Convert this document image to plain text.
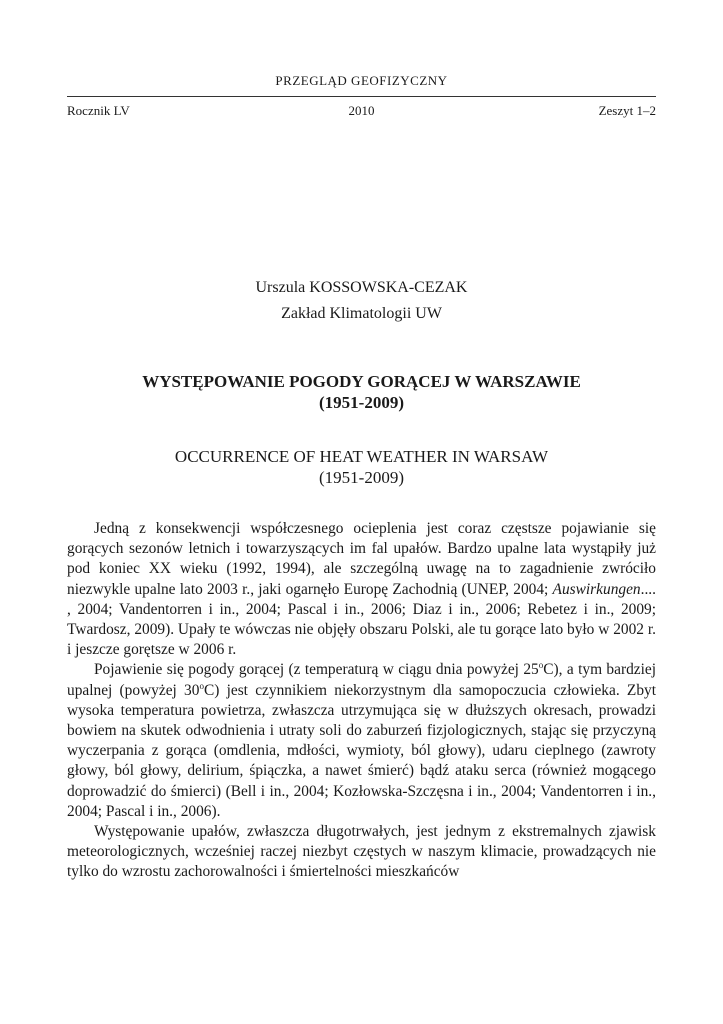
PRZEGLĄD GEOFIZYCZNY
Rocznik LV	2010	Zeszyt 1–2
Urszula KOSSOWSKA-CEZAK
Zakład Klimatologii UW
WYSTĘPOWANIE POGODY GORĄCEJ W WARSZAWIE
(1951-2009)
OCCURRENCE OF HEAT WEATHER IN WARSAW
(1951-2009)

Jedną z konsekwencji współczesnego ocieplenia jest coraz częstsze pojawianie się gorących sezonów letnich i towarzyszących im fal upałów. Bardzo upalne lata wystąpiły już pod koniec XX wieku (1992, 1994), ale szczególną uwagę na to zagadnienie zwróciło niezwykle upalne lato 2003 r., jaki ogarnęło Europę Zachodnią (UNEP, 2004; Auswirkungen.... , 2004; Vandentorren i in., 2004; Pascal i in., 2006; Diaz i in., 2006; Rebetez i in., 2009; Twardosz, 2009). Upały te wówczas nie objęły obszaru Polski, ale tu gorące lato było w 2002 r. i jeszcze gorętsze w 2006 r.

Pojawienie się pogody gorącej (z temperaturą w ciągu dnia powyżej 25$^o$C), a tym bardziej upalnej (powyżej 30$^o$C) jest czynnikiem niekorzystnym dla samopoczucia człowieka. Zbyt wysoka temperatura powietrza, zwłaszcza utrzymująca się w dłuższych okresach, prowadzi bowiem na skutek odwodnienia i utraty soli do zaburzeń fizjologicznych, stając się przyczyną wyczerpania z gorąca (omdlenia, mdłości, wymioty, ból głowy), udaru cieplnego (zawroty głowy, ból głowy, delirium, śpiączka, a nawet śmierć) bądź ataku serca (również mogącego doprowadzić do śmierci) (Bell i in., 2004; Kozłowska-Szczęsna i in., 2004; Vandentorren i in., 2004; Pascal i in., 2006).

Występowanie upałów, zwłaszcza długotrwałych, jest jednym z ekstremalnych zjawisk meteorologicznych, wcześniej raczej niezbyt częstych w naszym klimacie, prowadzących nie tylko do wzrostu zachorowalności i śmiertelności mieszkańców
